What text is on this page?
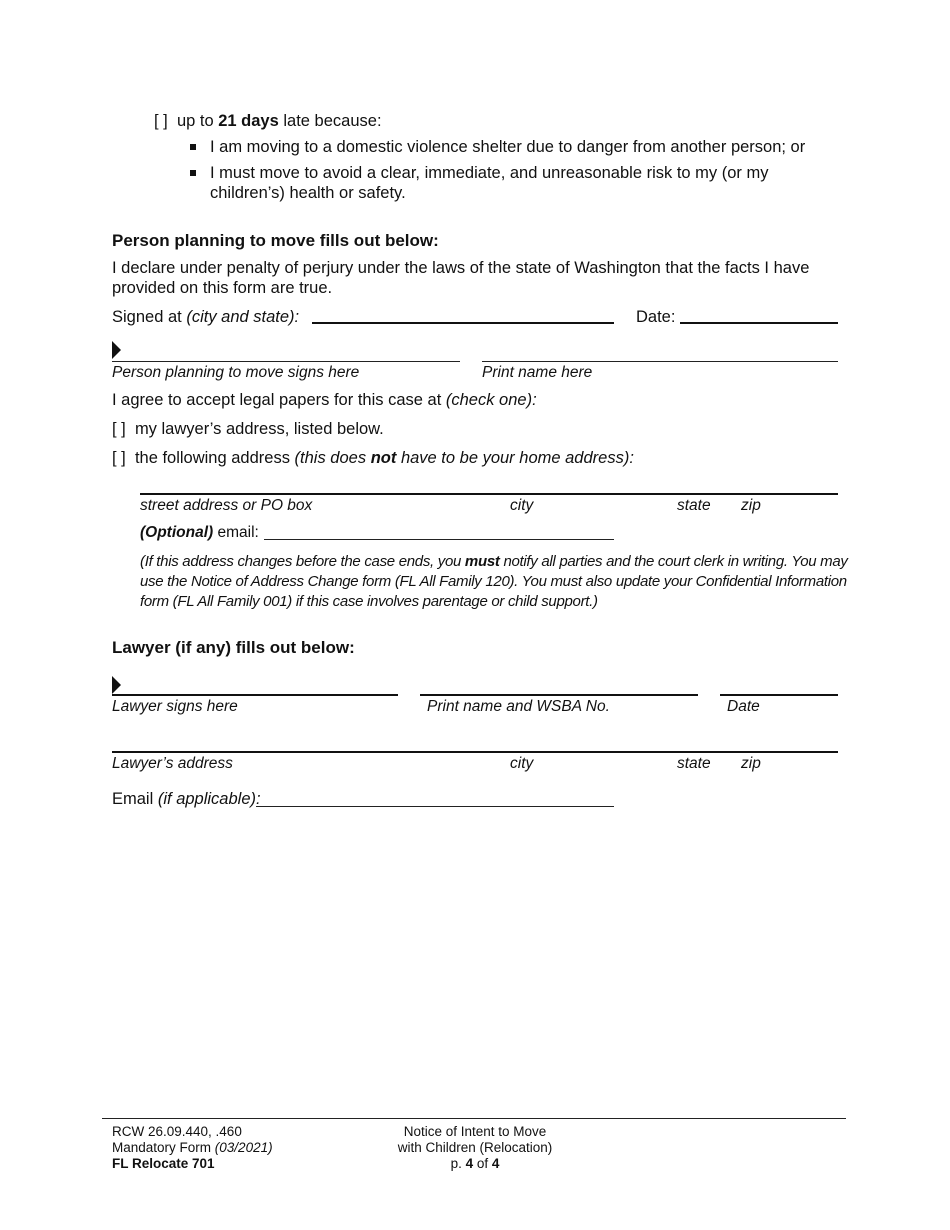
[ ] up to 21 days late because:
I am moving to a domestic violence shelter due to danger from another person; or
I must move to avoid a clear, immediate, and unreasonable risk to my (or my
children’s) health or safety.
Person planning to move fills out below:
I declare under penalty of perjury under the laws of the state of Washington that the facts I have
provided on this form are true.
Signed at (city and state):	Date:
Person planning to move signs here	Print name here
I agree to accept legal papers for this case at (check one):
[ ] my lawyer’s address, listed below.
[ ] the following address (this does not have to be your home address):
street address or PO box	city	state zip
(Optional) email:
(If this address changes before the case ends, you must notify all parties and the court clerk in writing. You may
use the Notice of Address Change form (FL All Family 120). You must also update your Confidential Information
form (FL All Family 001) if this case involves parentage or child support.)
Lawyer (if any) fills out below:
Lawyer signs here	Print name and WSBA No.	Date
Lawyer’s address	city	state zip
Email (if applicable):
RCW 26.09.440, .460
Mandatory Form (03/2021)
FL Relocate 701
Notice of Intent to Move
with Children (Relocation)
p. 4 of 4
